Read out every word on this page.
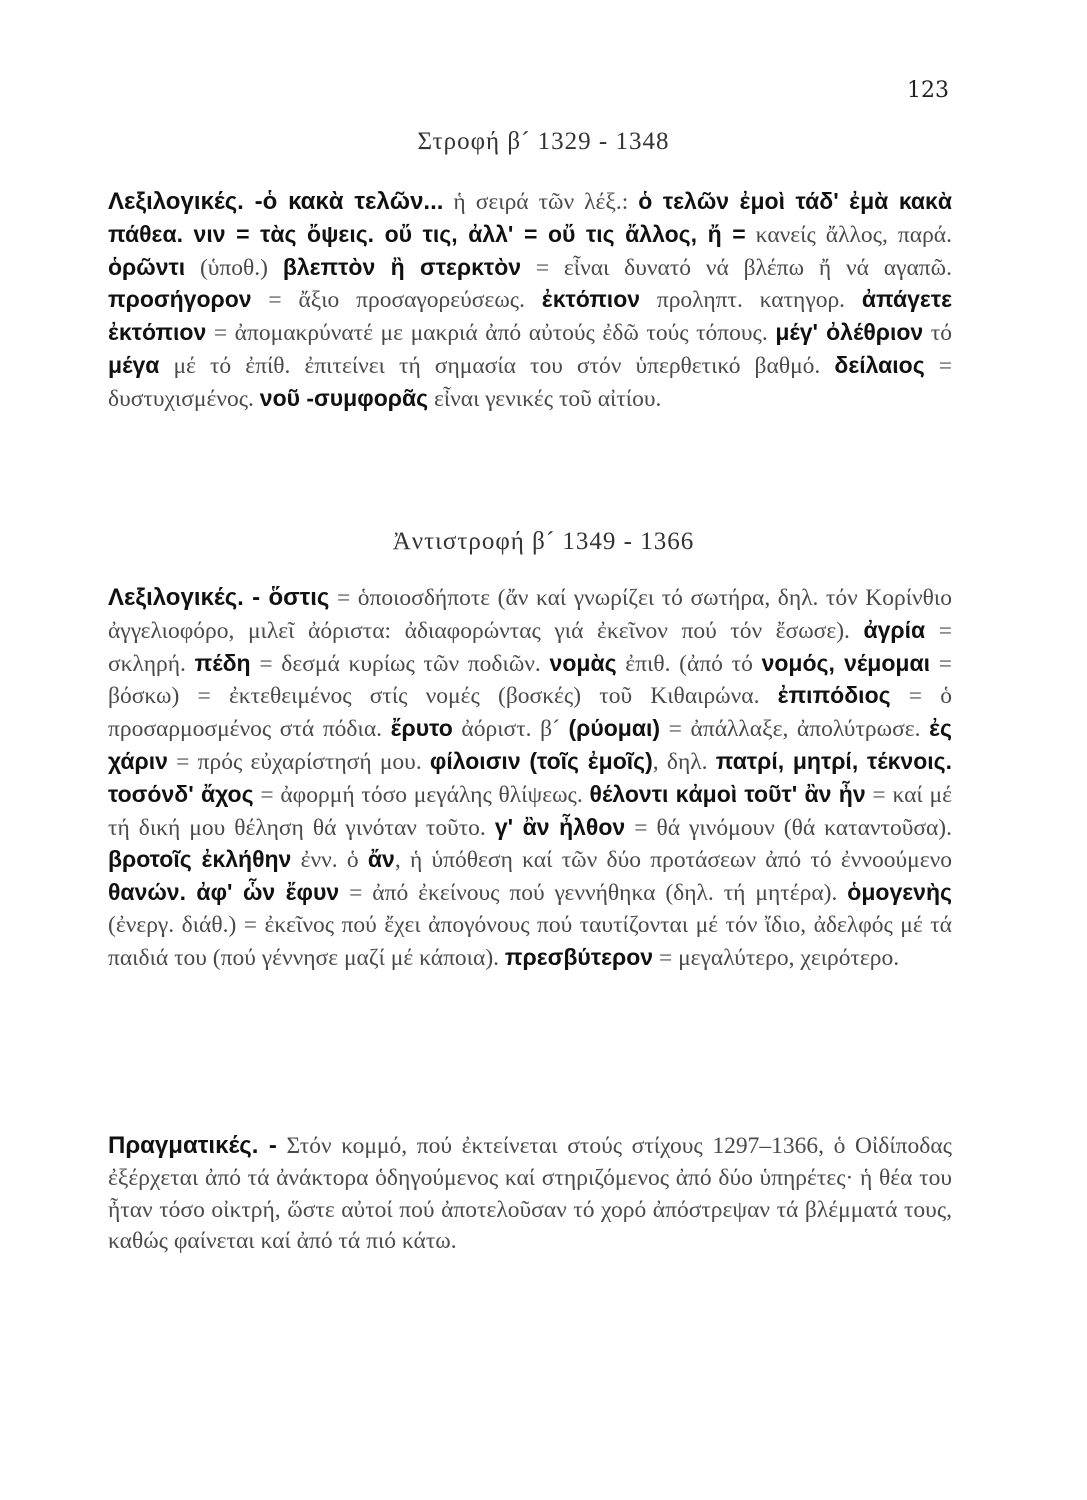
123
Στροφή β´ 1329 - 1348
Λεξιλογικές. -ὁ κακὰ τελῶν... ἡ σειρά τῶν λέξ.: ὁ τελῶν ἐμοὶ τάδ' ἐμὰ κακὰ πάθεα. νιν = τὰς ὄψεις. οὔ τις, ἀλλ' = οὔ τις ἄλλος, ἤ = κανείς ἄλλος, παρά. ὁρῶντι (ὑποθ.) βλεπτὸν ἢ στερκτὸν = εἶναι δυνατό νά βλέπω ἤ νά αγαπῶ. προσήγορον = ἄξιο προσαγορεύσεως. ἐκτόπιον προληπτ. κατηγορ. ἀπάγετε ἐκτόπιον = ἀπομακρύνατέ με μακριά ἀπό αὐτούς ἐδῶ τούς τόπους. μέγ' ὀλέθριον τό μέγα μέ τό ἐπίθ. ἐπιτείνει τή σημασία του στόν ὑπερθετικό βαθμό. δείλαιος = δυστυχισμένος. νοῦ -συμφορᾶς εἶναι γενικές τοῦ αἰτίου.
Ἀντιστροφή β´ 1349 - 1366
Λεξιλογικές. - ὅστις = ὁποιοσδήποτε (ἄν καί γνωρίζει τό σωτήρα, δηλ. τόν Κορίνθιο ἀγγελιοφόρο, μιλεῖ ἀόριστα: ἀδιαφορώντας γιά ἐκεῖνον πού τόν ἔσωσε). ἀγρία = σκληρή. πέδη = δεσμά κυρίως τῶν ποδιῶν. νομὰς ἐπιθ. (ἀπό τό νομός, νέμομαι = βόσκω) = ἐκτεθειμένος στίς νομές (βοσκές) τοῦ Κιθαιρώνα. ἐπιπόδιος = ὁ προσαρμοσμένος στά πόδια. ἔρυτο ἀόριστ. β´ (ρύομαι) = ἀπάλλαξε, ἀπολύτρωσε. ἐς χάριν = πρός εὐχαρίστησή μου. φίλοισιν (τοῖς ἐμοῖς), δηλ. πατρί, μητρί, τέκνοις. τοσόνδ' ἄχος = ἀφορμή τόσο μεγάλης θλίψεως. θέλοντι κἀμοὶ τοῦτ' ἂν ἦν = καί μέ τή δική μου θέληση θά γινόταν τοῦτο. γ' ἂν ἦλθον = θά γινόμουν (θά καταντοῦσα). βροτοῖς ἐκλήθην ἐνν. ὁ ἄν, ἡ ὑπόθεση καί τῶν δύο προτάσεων ἀπό τό ἐννοούμενο θανών. ἀφ' ὧν ἔφυν = ἀπό ἐκείνους πού γεννήθηκα (δηλ. τή μητέρα). ὁμογενὴς (ἐνεργ. διάθ.) = ἐκεῖνος πού ἔχει ἀπογόνους πού ταυτίζονται μέ τόν ἴδιο, ἀδελφός μέ τά παιδιά του (πού γέννησε μαζί μέ κάποια). πρεσβύτερον = μεγαλύτερο, χειρότερο.
Πραγματικές. - Στόν κομμό, πού ἐκτείνεται στούς στίχους 1297–1366, ὁ Οἰδίποδας ἐξέρχεται ἀπό τά ἀνάκτορα ὁδηγούμενος καί στηριζόμενος ἀπό δύο ὑπηρέτες· ἡ θέα του ἦταν τόσο οἰκτρή, ὥστε αὐτοί πού ἀποτελοῦσαν τό χορό ἀπόστρεψαν τά βλέμματά τους, καθώς φαίνεται καί ἀπό τά πιό κάτω.
